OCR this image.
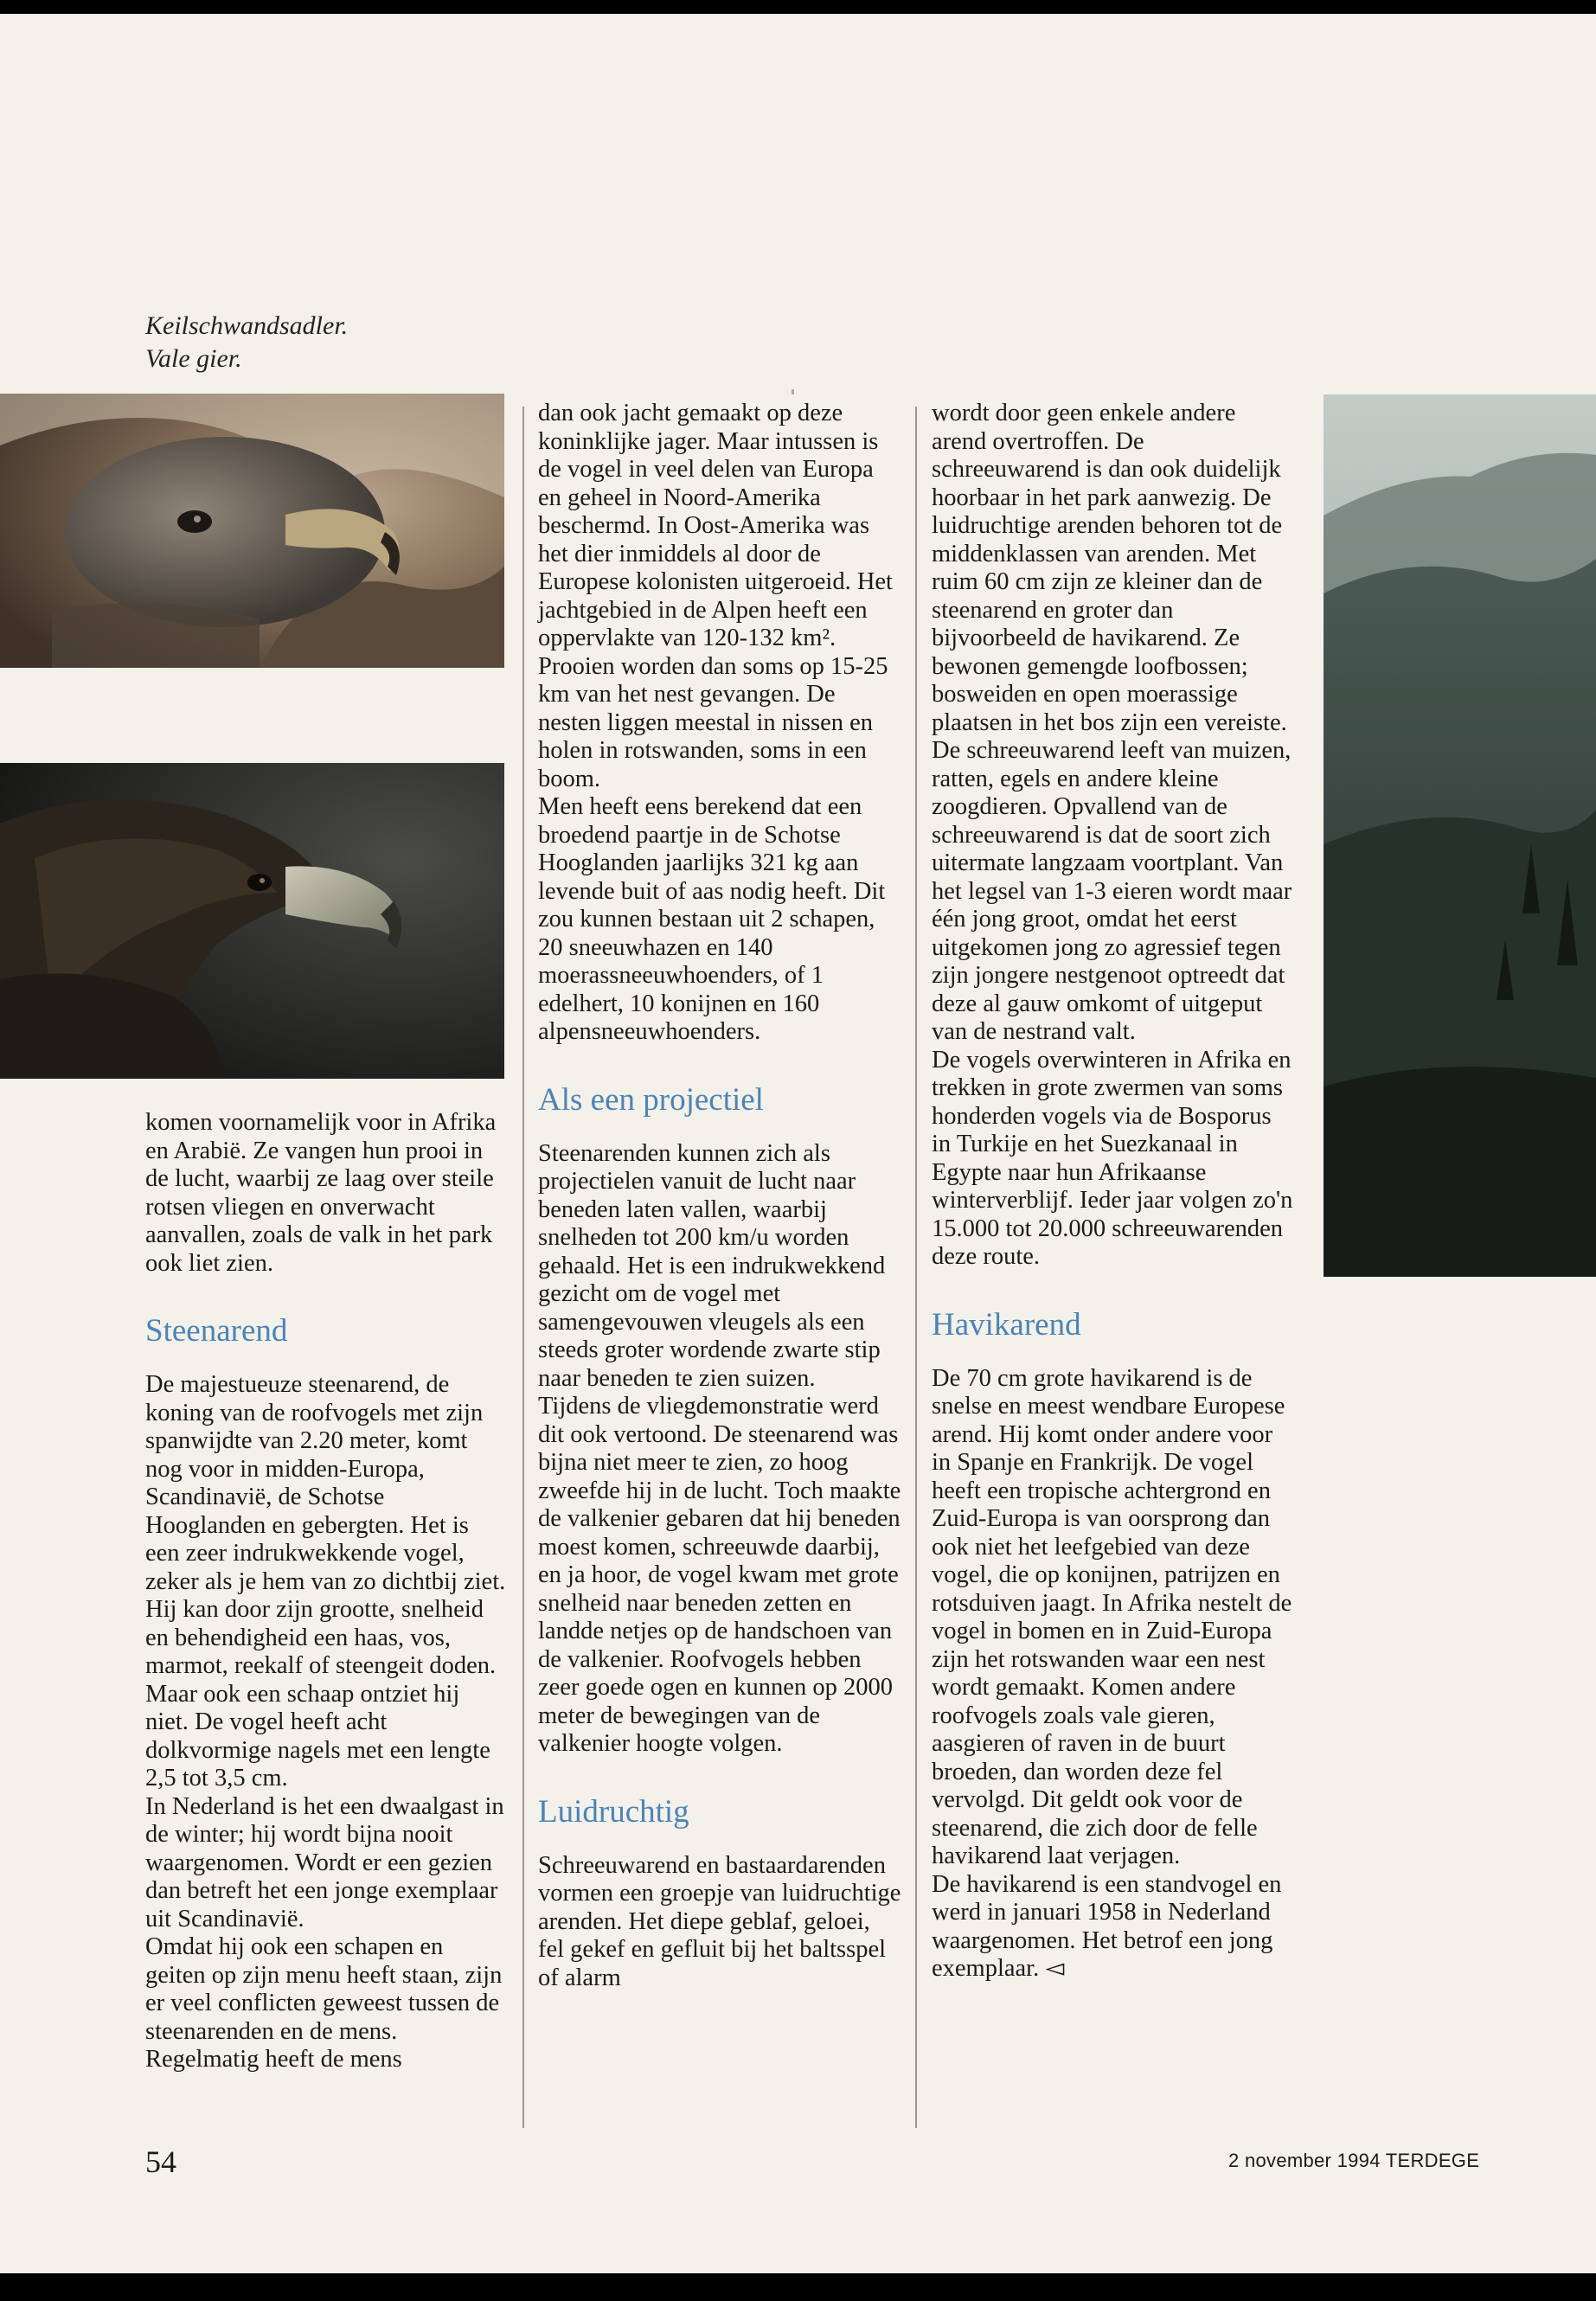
Keilschwandsadler.
Vale gier.

komen voornamelijk voor in Afrika en Arabië. Ze vangen hun prooi in de lucht, waarbij ze laag over steile rotsen vliegen en onverwacht aanvallen, zoals de valk in het park ook liet zien.

Steenarend

De majestueuze steenarend, de koning van de roofvogels met zijn spanwijdte van 2.20 meter, komt nog voor in midden-Europa, Scandinavië, de Schotse Hooglanden en gebergten. Het is een zeer indrukwekkende vogel, zeker als je hem van zo dichtbij ziet. Hij kan door zijn grootte, snelheid en behendigheid een haas, vos, marmot, reekalf of steengeit doden. Maar ook een schaap ontziet hij niet. De vogel heeft acht dolkvormige nagels met een lengte 2,5 tot 3,5 cm.

In Nederland is het een dwaalgast in de winter; hij wordt bijna nooit waargenomen. Wordt er een gezien dan betreft het een jonge exemplaar uit Scandinavië.

Omdat hij ook een schapen en geiten op zijn menu heeft staan, zijn er veel conflicten geweest tussen de steenarenden en de mens. Regelmatig heeft de mens

dan ook jacht gemaakt op deze koninklijke jager. Maar intussen is de vogel in veel delen van Europa en geheel in Noord-Amerika beschermd. In Oost-Amerika was het dier inmiddels al door de Europese kolonisten uitgeroeid. Het jachtgebied in de Alpen heeft een oppervlakte van 120-132 km². Prooien worden dan soms op 15-25 km van het nest gevangen. De nesten liggen meestal in nissen en holen in rotswanden, soms in een boom.

Men heeft eens berekend dat een broedend paartje in de Schotse Hooglanden jaarlijks 321 kg aan levende buit of aas nodig heeft. Dit zou kunnen bestaan uit 2 schapen, 20 sneeuwhazen en 140 moerassneeuwhoenders, of 1 edelhert, 10 konijnen en 160 alpensneeuwhoenders.

Als een projectiel

Steenarenden kunnen zich als projectielen vanuit de lucht naar beneden laten vallen, waarbij snelheden tot 200 km/u worden gehaald. Het is een indrukwekkend gezicht om de vogel met samengevouwen vleugels als een steeds groter wordende zwarte stip naar beneden te zien suizen.

Tijdens de vliegdemonstratie werd dit ook vertoond. De steenarend was bijna niet meer te zien, zo hoog zweefde hij in de lucht. Toch maakte de valkenier gebaren dat hij beneden moest komen, schreeuwde daarbij, en ja hoor, de vogel kwam met grote snelheid naar beneden zetten en landde netjes op de handschoen van de valkenier. Roofvogels hebben zeer goede ogen en kunnen op 2000 meter de bewegingen van de valkenier hoogte volgen.

Luidruchtig

Schreeuwarend en bastaardarenden vormen een groepje van luidruchtige arenden. Het diepe geblaf, geloei, fel gekef en gefluit bij het baltsspel of alarm

wordt door geen enkele andere arend overtroffen. De schreeuwarend is dan ook duidelijk hoorbaar in het park aanwezig. De luidruchtige arenden behoren tot de middenklassen van arenden. Met ruim 60 cm zijn ze kleiner dan de steenarend en groter dan bijvoorbeeld de havikarend. Ze bewonen gemengde loofbossen; bosweiden en open moerassige plaatsen in het bos zijn een vereiste.

De schreeuwarend leeft van muizen, ratten, egels en andere kleine zoogdieren. Opvallend van de schreeuwarend is dat de soort zich uitermate langzaam voortplant. Van het legsel van 1-3 eieren wordt maar één jong groot, omdat het eerst uitgekomen jong zo agressief tegen zijn jongere nestgenoot optreedt dat deze al gauw omkomt of uitgeput van de nestrand valt.

De vogels overwinteren in Afrika en trekken in grote zwermen van soms honderden vogels via de Bosporus in Turkije en het Suezkanaal in Egypte naar hun Afrikaanse winterverblijf. Ieder jaar volgen zo'n 15.000 tot 20.000 schreeuwarenden deze route.

Havikarend

De 70 cm grote havikarend is de snelse en meest wendbare Europese arend. Hij komt onder andere voor in Spanje en Frankrijk. De vogel heeft een tropische achtergrond en Zuid-Europa is van oorsprong dan ook niet het leefgebied van deze vogel, die op konijnen, patrijzen en rotsduiven jaagt. In Afrika nestelt de vogel in bomen en in Zuid-Europa zijn het rotswanden waar een nest wordt gemaakt. Komen andere roofvogels zoals vale gieren, aasgieren of raven in de buurt broeden, dan worden deze fel vervolgd. Dit geldt ook voor de steenarend, die zich door de felle havikarend laat verjagen.

De havikarend is een standvogel en werd in januari 1958 in Nederland waargenomen. Het betrof een jong exemplaar. ◅

54	2 november 1994 TERDEGE
